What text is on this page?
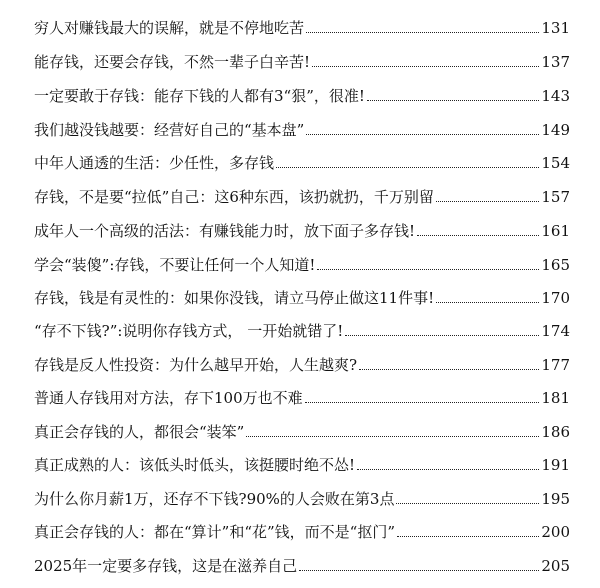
穷人对赚钱最大的误解，就是不停地吃苦	131
能存钱，还要会存钱，不然一辈子白辛苦!	137
一定要敢于存钱：能存下钱的人都有3“狠”，很准!	143
我们越没钱越要：经营好自己的“基本盘”	149
中年人通透的生活：少任性，多存钱	154
存钱，不是要“拉低”自己：这6种东西，该扔就扔，千万别留	157
成年人一个高级的活法：有赚钱能力时，放下面子多存钱!	161
学会“装傻”:存钱，不要让任何一个人知道!	165
存钱，钱是有灵性的：如果你没钱，请立马停止做这11件事!	170
“存不下钱?”:说明你存钱方式， 一开始就错了!	174
存钱是反人性投资：为什么越早开始，人生越爽?	177
普通人存钱用对方法，存下100万也不难	181
真正会存钱的人，都很会“装笨”	186
真正成熟的人：该低头时低头，该挺腰时绝不怂!	191
为什么你月薪1万，还存不下钱?90%的人会败在第3点	195
真正会存钱的人：都在“算计”和“花”钱，而不是“抠门”	200
2025年一定要多存钱，这是在滋养自己	205
